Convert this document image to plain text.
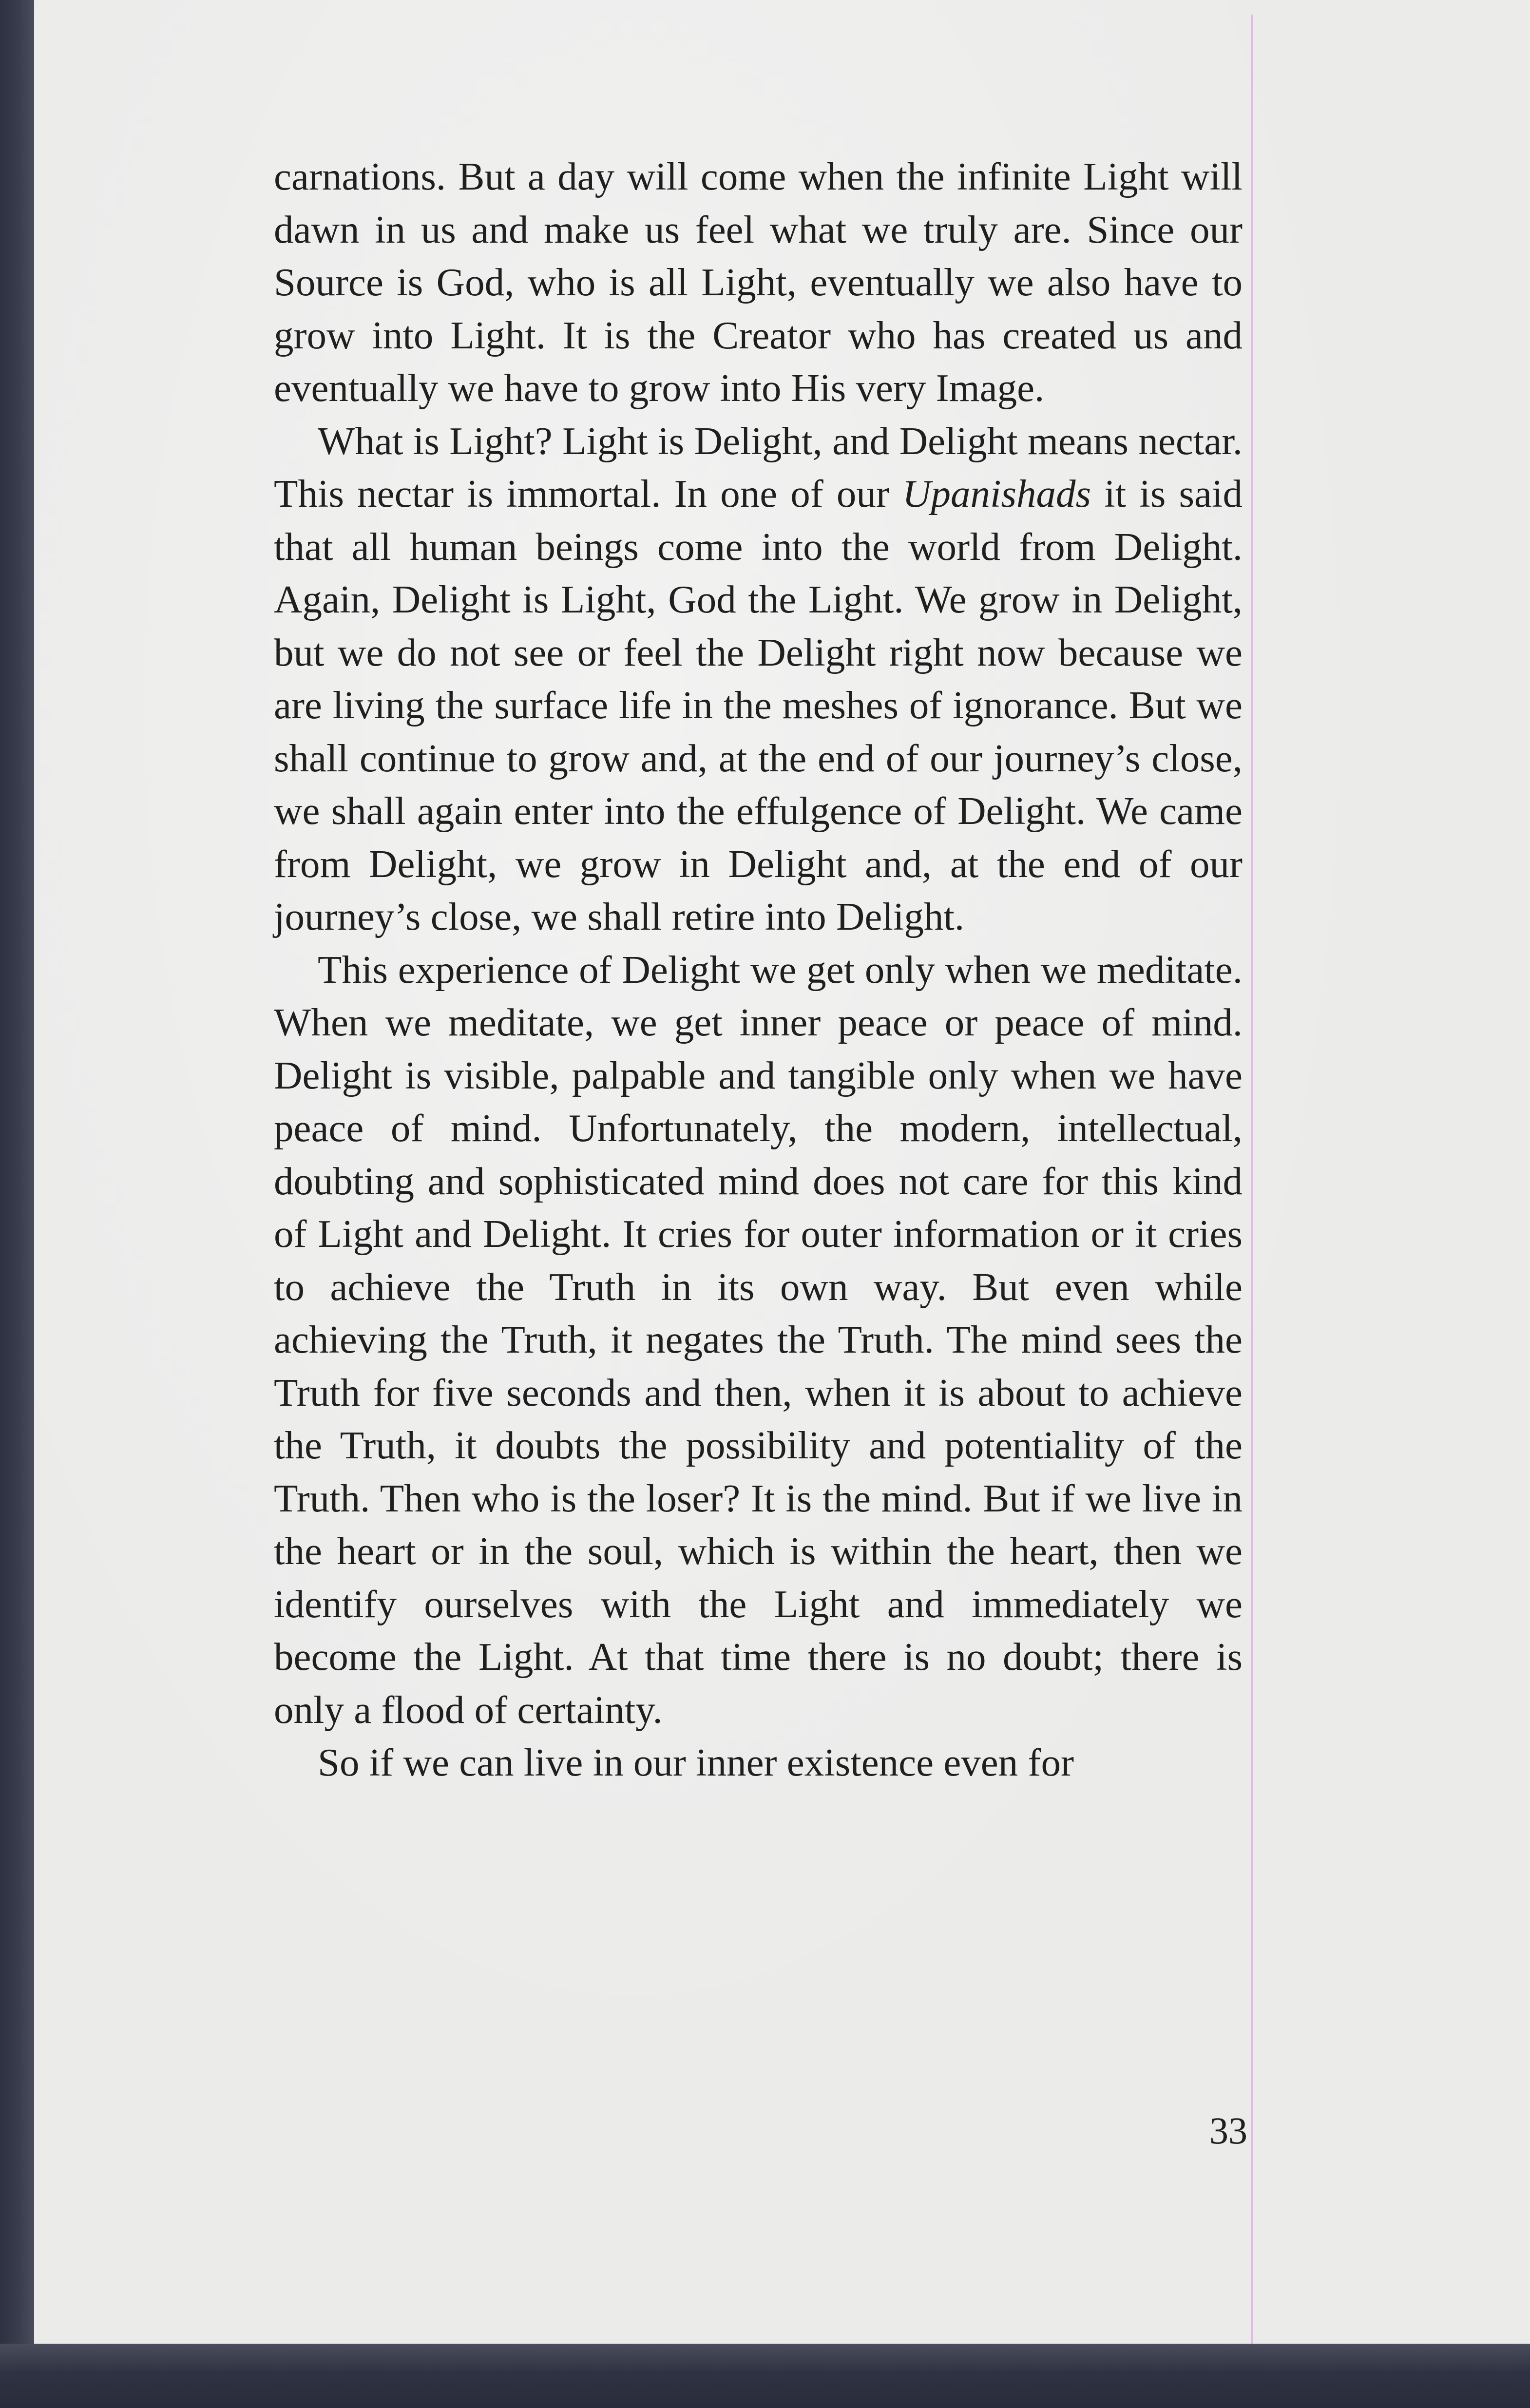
carnations. But a day will come when the infinite Light will dawn in us and make us feel what we truly are. Since our Source is God, who is all Light, eventually we also have to grow into Light. It is the Creator who has created us and eventually we have to grow into His very Image.

What is Light? Light is Delight, and Delight means nectar. This nectar is immortal. In one of our Upanishads it is said that all human beings come into the world from Delight. Again, Delight is Light, God the Light. We grow in Delight, but we do not see or feel the Delight right now because we are living the surface life in the meshes of ignorance. But we shall continue to grow and, at the end of our journey’s close, we shall again enter into the effulgence of Delight. We came from Delight, we grow in Delight and, at the end of our journey’s close, we shall retire into Delight.

This experience of Delight we get only when we meditate. When we meditate, we get inner peace or peace of mind. Delight is visible, palpable and tangible only when we have peace of mind. Unfortunately, the modern, intellectual, doubting and sophisticated mind does not care for this kind of Light and Delight. It cries for outer information or it cries to achieve the Truth in its own way. But even while achieving the Truth, it negates the Truth. The mind sees the Truth for five seconds and then, when it is about to achieve the Truth, it doubts the possibility and potentiality of the Truth. Then who is the loser? It is the mind. But if we live in the heart or in the soul, which is within the heart, then we identify ourselves with the Light and immediately we become the Light. At that time there is no doubt; there is only a flood of certainty.

So if we can live in our inner existence even for

33
